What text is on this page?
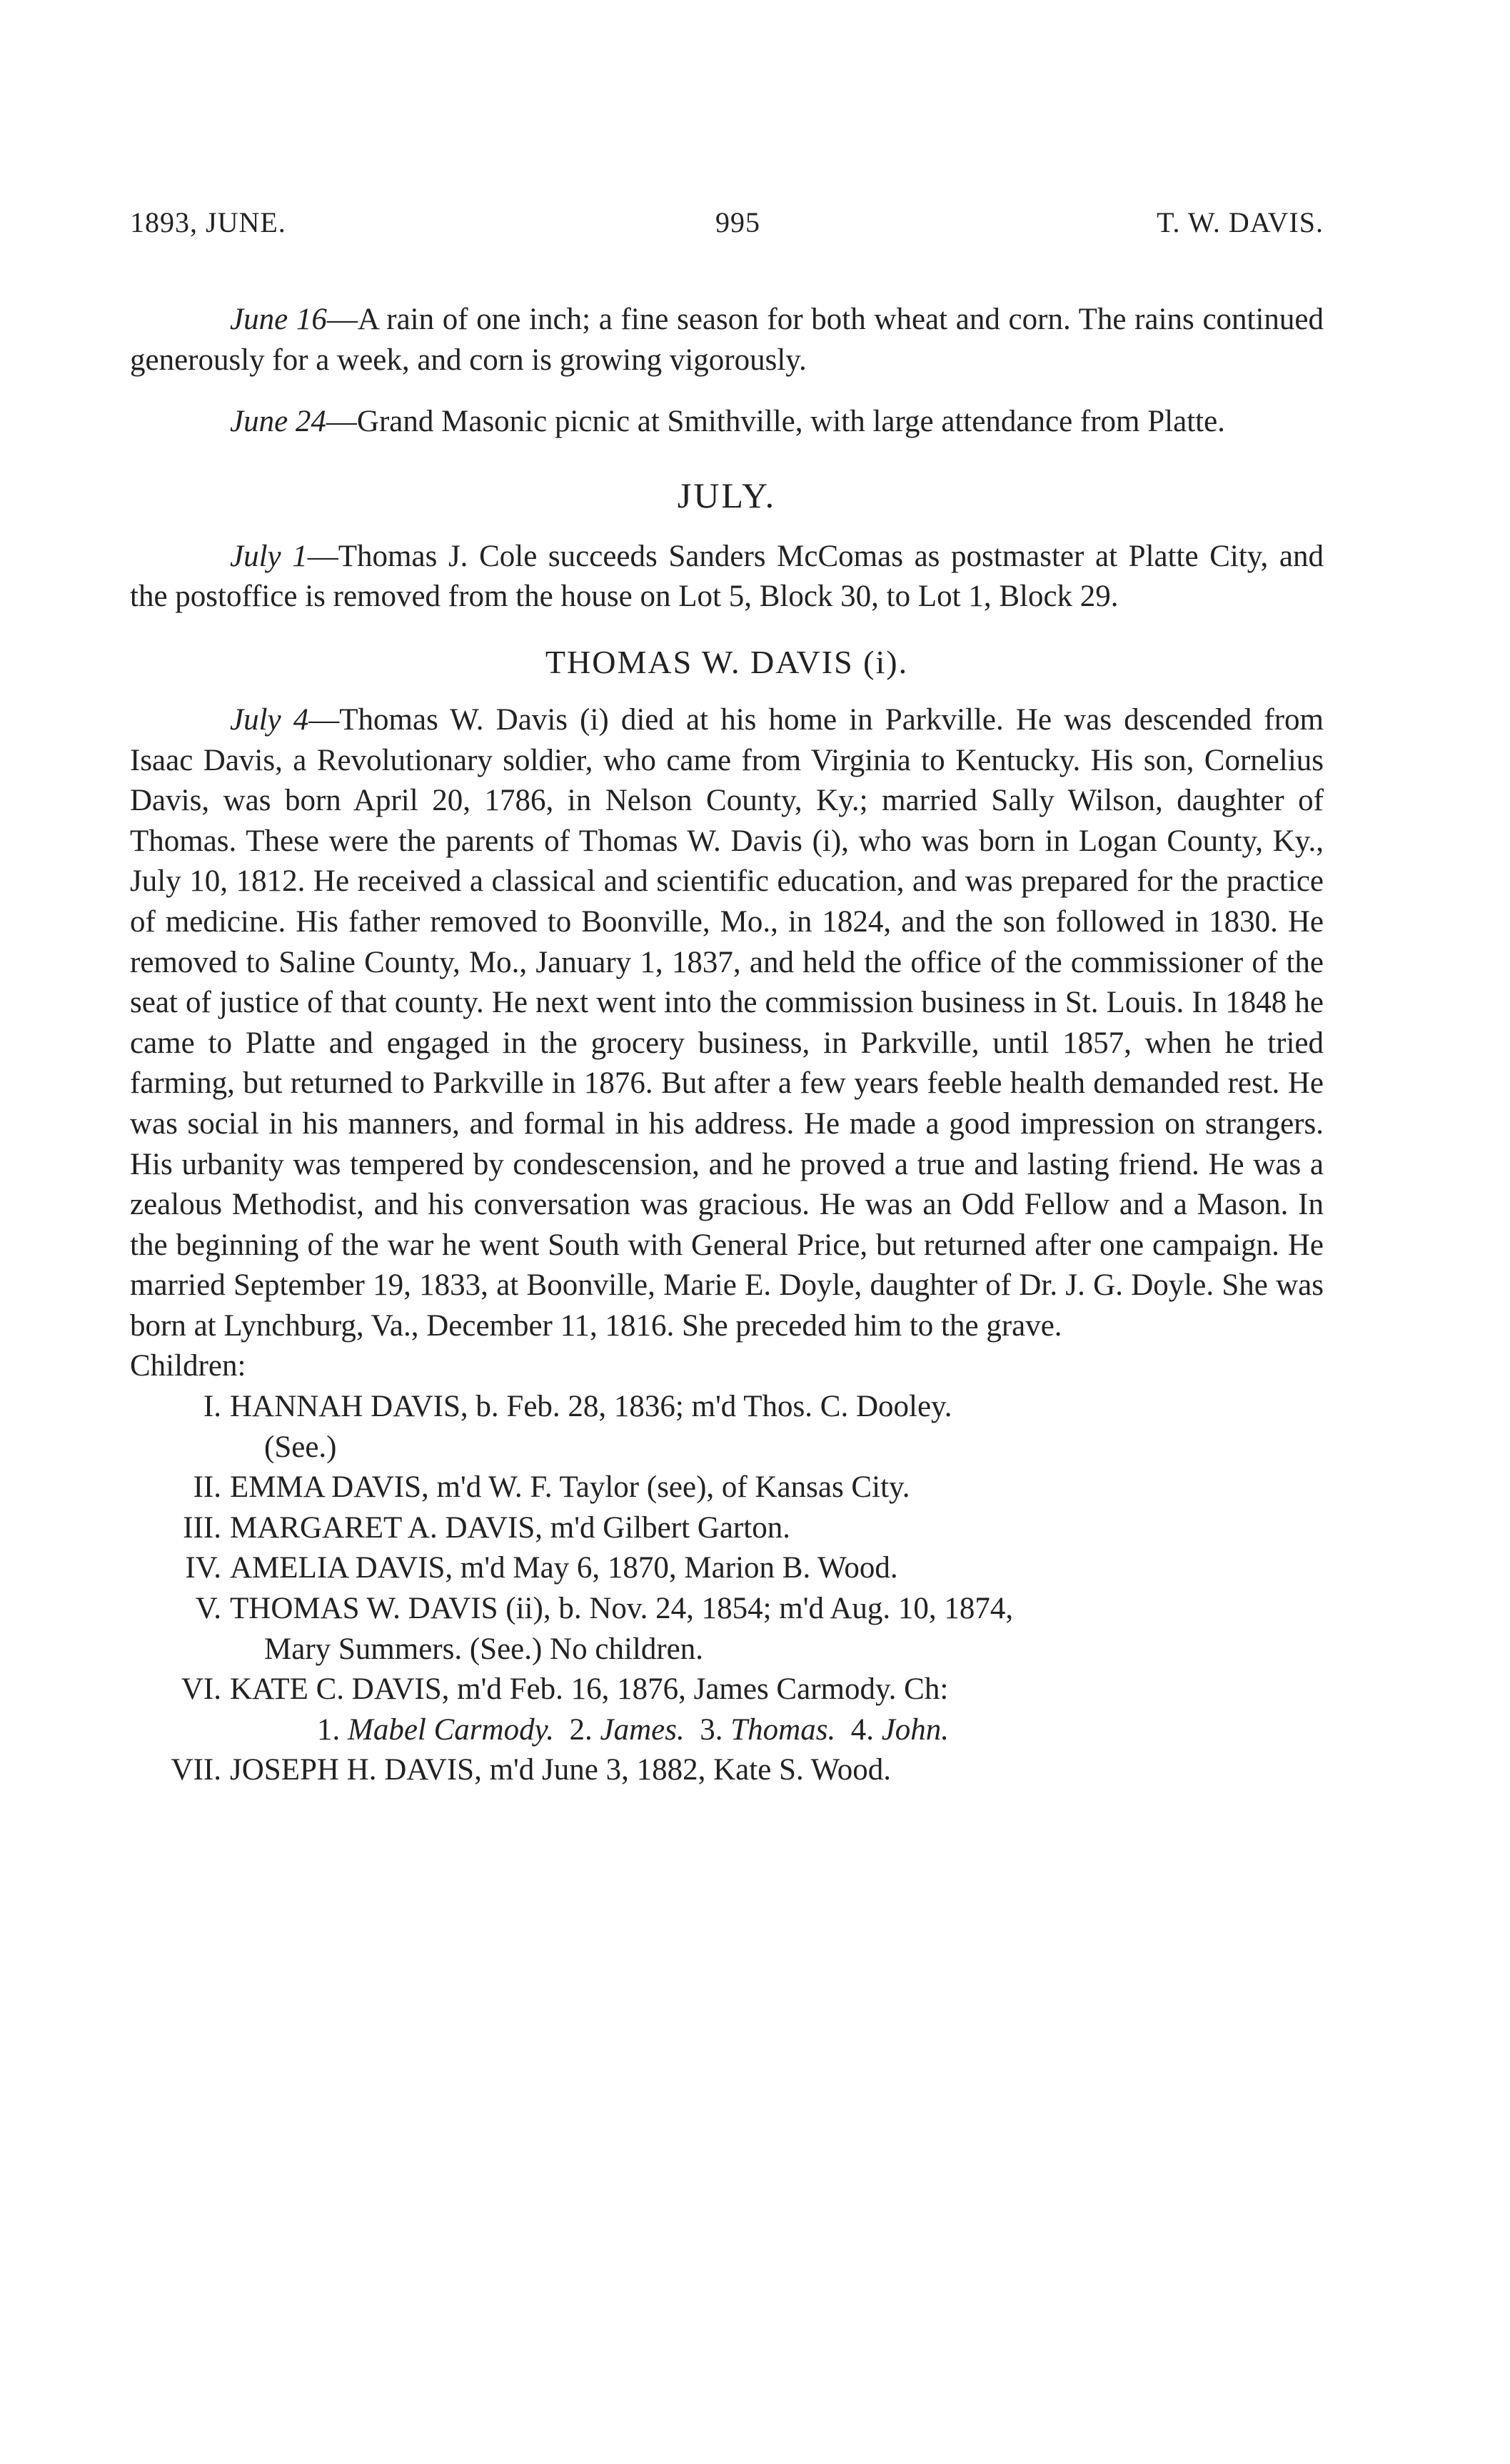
1893, JUNE.	995	T. W. DAVIS.

June 16—A rain of one inch; a fine season for both wheat and corn. The rains continued generously for a week, and corn is growing vigorously.

June 24—Grand Masonic picnic at Smithville, with large attendance from Platte.

JULY.

July 1—Thomas J. Cole succeeds Sanders McComas as postmaster at Platte City, and the postoffice is removed from the house on Lot 5, Block 30, to Lot 1, Block 29.

THOMAS W. DAVIS (i).

July 4—Thomas W. Davis (i) died at his home in Parkville. He was descended from Isaac Davis, a Revolutionary soldier, who came from Virginia to Kentucky. His son, Cornelius Davis, was born April 20, 1786, in Nelson County, Ky.; married Sally Wilson, daughter of Thomas. These were the parents of Thomas W. Davis (i), who was born in Logan County, Ky., July 10, 1812. He received a classical and scientific education, and was prepared for the practice of medicine. His father removed to Boonville, Mo., in 1824, and the son followed in 1830. He removed to Saline County, Mo., January 1, 1837, and held the office of the commissioner of the seat of justice of that county. He next went into the commission business in St. Louis. In 1848 he came to Platte and engaged in the grocery business, in Parkville, until 1857, when he tried farming, but returned to Parkville in 1876. But after a few years feeble health demanded rest. He was social in his manners, and formal in his address. He made a good impression on strangers. His urbanity was tempered by condescension, and he proved a true and lasting friend. He was a zealous Methodist, and his conversation was gracious. He was an Odd Fellow and a Mason. In the beginning of the war he went South with General Price, but returned after one campaign. He married September 19, 1833, at Boonville, Marie E. Doyle, daughter of Dr. J. G. Doyle. She was born at Lynchburg, Va., December 11, 1816. She preceded him to the grave.

Children:

I. HANNAH DAVIS, b. Feb. 28, 1836; m'd Thos. C. Dooley.
(See.)
II. EMMA DAVIS, m'd W. F. Taylor (see), of Kansas City.
III. MARGARET A. DAVIS, m'd Gilbert Garton.
IV. AMELIA DAVIS, m'd May 6, 1870, Marion B. Wood.
V. THOMAS W. DAVIS (ii), b. Nov. 24, 1854; m'd Aug. 10, 1874,
Mary Summers. (See.) No children.
VI. KATE C. DAVIS, m'd Feb. 16, 1876, James Carmody. Ch:
1. Mabel Carmody. 2. James. 3. Thomas. 4. John.
VII. JOSEPH H. DAVIS, m'd June 3, 1882, Kate S. Wood.
